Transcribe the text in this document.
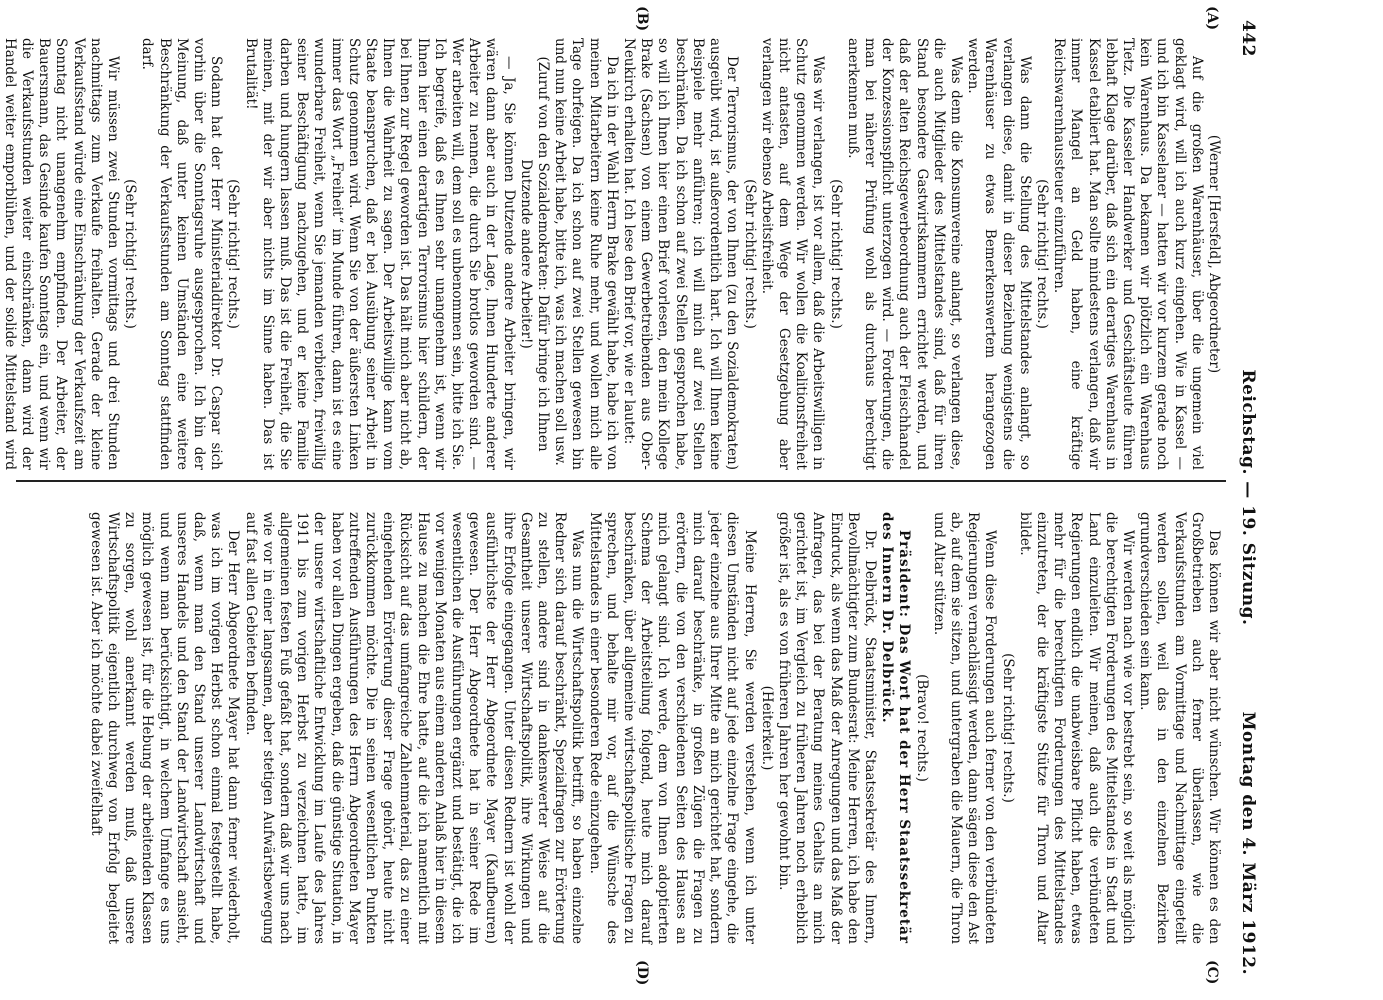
442
Reichstag. — 19. Sitzung.
Montag den 4. März 1912.
(A)
(B)
(C)
(D)

(Werner [Hersfeld], Abgeordneter)

Auf die großen Warenhäuser, über die ungemein viel geklagt wird, will ich auch kurz eingehen. Wie in Kassel — und ich bin Kasselaner — hatten wir vor kurzem gerade noch kein Warenhaus. Da bekamen wir plötzlich ein Warenhaus Tietz. Die Kasseler Handwerker und Geschäftsleute führen lebhaft Klage darüber, daß sich ein derartiges Warenhaus in Kassel etabliert hat. Man sollte mindestens verlangen, daß wir immer Mangel an Geld haben, eine kräftige Reichswarenhaussteuer einzuführen.

(Sehr richtig! rechts.)

Was dann die Stellung des Mittelstandes anlangt, so verlangen diese, damit in dieser Beziehung wenigstens die Warenhäuser zu etwas Bemerkenswertem herangezogen werden.

Was denn die Konsumvereine anlangt, so verlangen diese, die auch Mitglieder des Mittelstandes sind, daß für ihren Stand besondere Gastwirtskammern errichtet werden, und daß der alten Reichsgewerbeordnung auch der Fleischhandel der Konzessionspflicht unterzogen wird. — Forderungen, die man bei näherer Prüfung wohl als durchaus berechtigt anerkennen muß.

(Sehr richtig! rechts.)

Was wir verlangen, ist vor allem, daß die Arbeitswilligen in Schutz genommen werden. Wir wollen die Koalitionsfreiheit nicht antasten, auf dem Wege der Gesetzgebung aber verlangen wir ebenso Arbeitsfreiheit.

(Sehr richtig! rechts.)

Der Terrorismus, der von Ihnen (zu den Sozialdemokraten) ausgeübt wird, ist außerordentlich hart. Ich will Ihnen keine Beispiele mehr anführen; ich will mich auf zwei Stellen beschränken. Da ich schon auf zwei Stellen gesprochen habe, so will ich Ihnen hier einen Brief vorlesen, den mein Kollege Brake (Sachsen) von einem Gewerbetreibenden aus Ober-Neukirch erhalten hat. Ich lese den Brief vor, wie er lautet:

Da ich in der Wahl Herrn Brake gewählt habe, habe ich von meinen Mitarbeitern keine Ruhe mehr, und wollen mich alle Tage ohrfeigen. Da ich schon auf zwei Stellen gewesen bin und nun keine Arbeit habe, bitte ich, was ich machen soll usw.

(Zuruf von den Sozialdemokraten: Dafür bringe ich Ihnen Dutzende andere Arbeiter!)

— Ja, Sie können Dutzende andere Arbeiter bringen, wir wären dann aber auch in der Lage, Ihnen Hunderte anderer Arbeiter zu nennen, die durch Sie brotlos geworden sind. — Wer arbeiten will, dem soll es unbenommen sein, bitte ich Sie. Ich begreife, daß es Ihnen sehr unangenehm ist, wenn wir Ihnen hier einen derartigen Terrorismus hier schildern, der bei Ihnen zur Regel geworden ist. Das hält mich aber nicht ab, Ihnen die Wahrheit zu sagen. Der Arbeitswillige kann vom Staate beanspruchen, daß er bei Ausübung seiner Arbeit in Schutz genommen wird. Wenn Sie von der äußersten Linken immer das Wort „Freiheit“ im Munde führen, dann ist es eine wunderbare Freiheit, wenn Sie jemanden verbieten, freiwillig seiner Beschäftigung nachzugehen, und er keine Familie darben und hungern lassen muß. Das ist die Freiheit, die Sie meinen, mit der wir aber nichts im Sinne haben. Das ist Brutalität!

(Sehr richtig! rechts.)

Sodann hat der Herr Ministerialdirektor Dr. Caspar sich vorhin über die Sonntagsruhe ausgesprochen. Ich bin der Meinung, daß unter keinen Umständen eine weitere Beschränkung der Verkaufsstunden am Sonntag stattfinden darf.

(Sehr richtig! rechts.)

Wir müssen zwei Stunden vormittags und drei Stunden nachmittags zum Verkaufe freihalten. Gerade der kleine Verkaufsstand würde eine Einschränkung der Verkaufszeit am Sonntag nicht unangenehm empfinden. Der Arbeiter, der Bauersmann, das Gesinde kaufen Sonntags ein, und wenn wir die Verkaufsstunden weiter einschränken, dann wird der Handel weiter emporblühen, und der solide Mittelstand wird

Das können wir aber nicht wünschen. Wir können es den Großbetrieben auch ferner überlassen, wie die Verkaufsstunden am Vormittage und Nachmittage eingeteilt werden sollen, weil das in den einzelnen Bezirken grundverschieden sein kann.

Wir werden nach wie vor bestrebt sein, so weit als möglich die berechtigten Forderungen des Mittelstandes in Stadt und Land einzuleiten. Wir meinen, daß auch die verbündeten Regierungen endlich die unabweisbare Pflicht haben, etwas mehr für die berechtigten Forderungen des Mittelstandes einzutreten, der die kräftigste Stütze für Thron und Altar bildet.

(Sehr richtig! rechts.)

Wenn diese Forderungen auch ferner von den verbündeten Regierungen vernachlässigt werden, dann sägen diese den Ast ab, auf dem sie sitzen, und untergraben die Mauern, die Thron und Altar stützen.

(Bravo! rechts.)

Präsident: Das Wort hat der Herr Staatssekretär des Innern Dr. Delbrück.

Dr. Delbrück, Staatsminister, Staatssekretär des Innern, Bevollmächtigter zum Bundesrat: Meine Herren, ich habe den Eindruck, als wenn das Maß der Anregungen und das Maß der Anfragen, das bei der Beratung meines Gehalts an mich gerichtet ist, im Vergleich zu früheren Jahren noch erheblich größer ist, als es von früheren Jahren her gewohnt bin.

(Heiterkeit.)

Meine Herren, Sie werden verstehen, wenn ich unter diesen Umständen nicht auf jede einzelne Frage eingehe, die jeder einzelne aus Ihrer Mitte an mich gerichtet hat, sondern mich darauf beschränke, in großen Zügen die Fragen zu erörtern, die von den verschiedenen Seiten des Hauses an mich gelangt sind. Ich werde, dem von Ihnen adoptierten Schema der Arbeitsteilung folgend, heute mich darauf beschränken, über allgemeine wirtschaftspolitische Fragen zu sprechen, und behalte mir vor, auf die Wünsche des Mittelstandes in einer besonderen Rede einzugehen.

Was nun die Wirtschaftspolitik betrifft, so haben einzelne Redner sich darauf beschränkt, Spezialfragen zur Erörterung zu stellen, andere sind in dankenswerter Weise auf die Gesamtheit unserer Wirtschaftspolitik, ihre Wirkungen und ihre Erfolge eingegangen. Unter diesen Rednern ist wohl der ausführlichste der Herr Abgeordnete Mayer (Kaufbeuren) gewesen. Der Herr Abgeordnete hat in seiner Rede im wesentlichen die Ausführungen ergänzt und bestätigt, die ich vor wenigen Monaten aus einem anderen Anlaß hier in diesem Hause zu machen die Ehre hatte, auf die ich namentlich mit Rücksicht auf das umfangreiche Zahlenmaterial, das zu einer eingehenden Erörterung dieser Frage gehört, heute nicht zurückkommen möchte. Die in seinen wesentlichen Punkten zutreffenden Ausführungen des Herrn Abgeordneten Mayer haben vor allen Dingen ergeben, daß die günstige Situation, in der unsere wirtschaftliche Entwicklung im Laufe des Jahres 1911 bis zum vorigen Herbst zu verzeichnen hatte, im allgemeinen festen Fuß gefaßt hat, sondern daß wir uns nach wie vor in einer langsamen, aber stetigen Aufwärtsbewegung auf fast allen Gebieten befinden.

Der Herr Abgeordnete Mayer hat dann ferner wiederholt, was ich im vorigen Herbst schon einmal festgestellt habe, daß, wenn man den Stand unserer Landwirtschaft und unseres Handels und den Stand der Landwirtschaft ansieht, und wenn man berücksichtigt, in welchem Umfange es uns möglich gewesen ist, für die Hebung der arbeitenden Klassen zu sorgen, wohl anerkannt werden muß, daß unsere Wirtschaftspolitik eigentlich durchweg von Erfolg begleitet gewesen ist. Aber ich möchte dabei zweifelhaft
